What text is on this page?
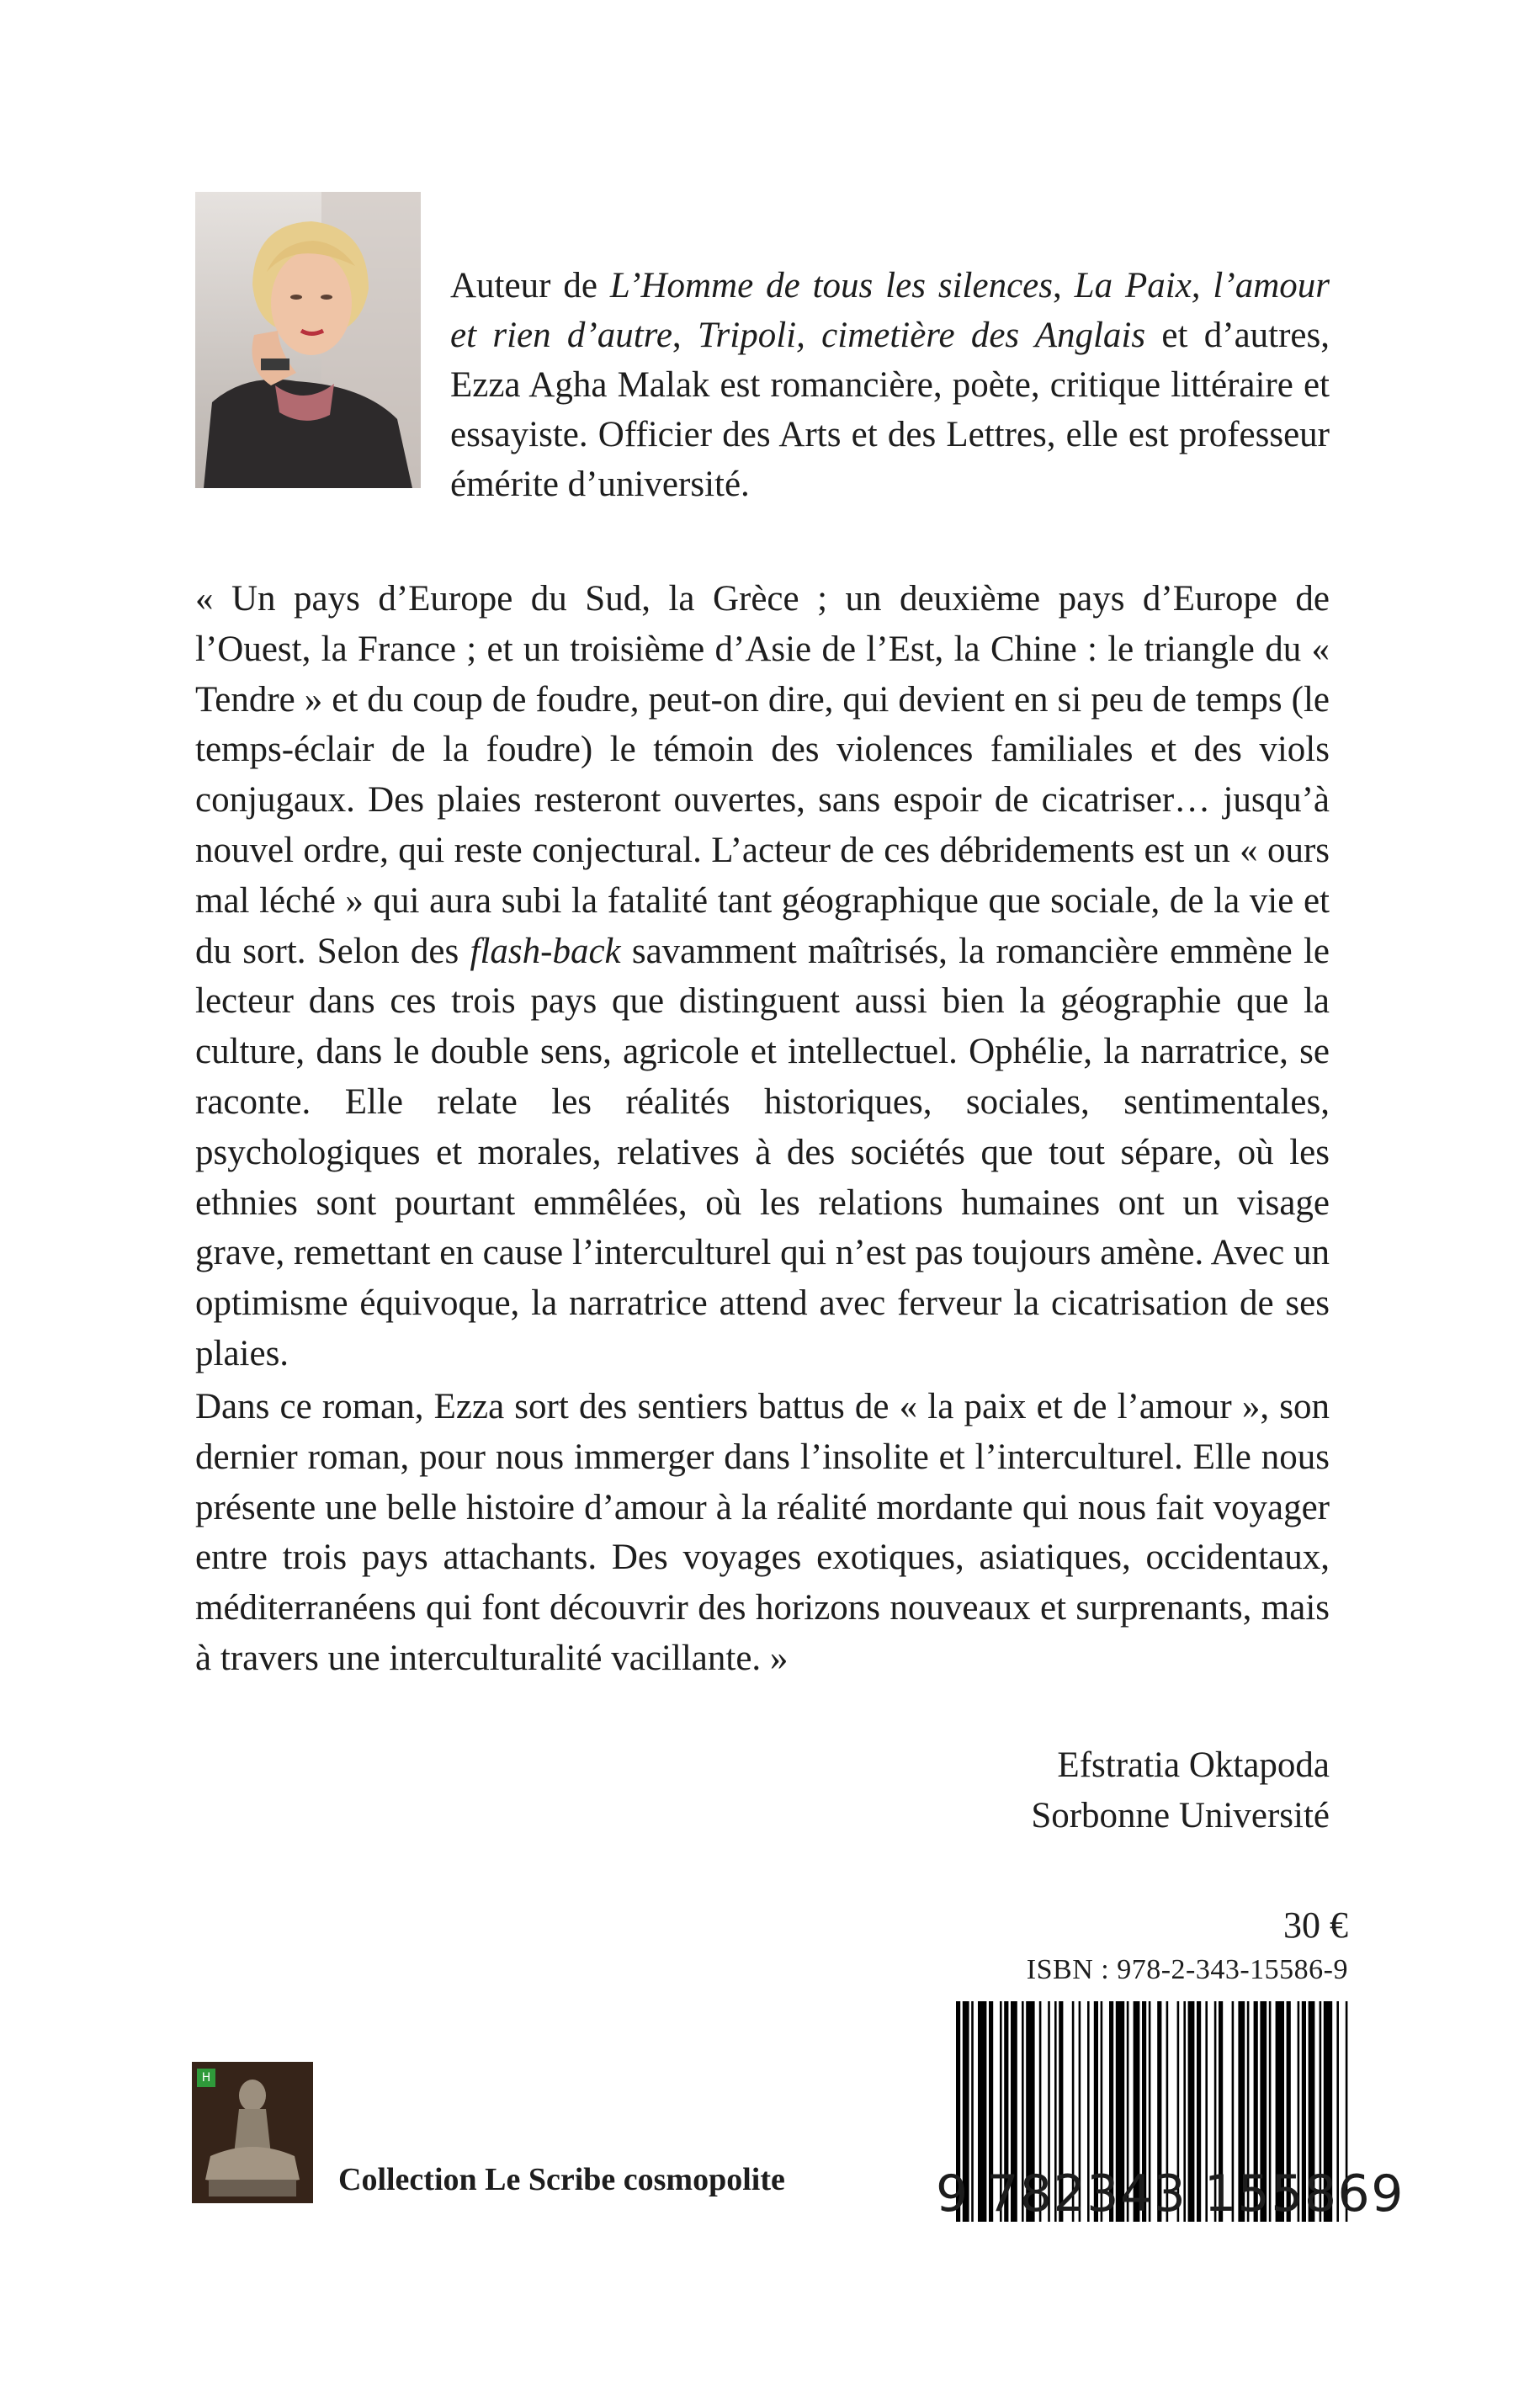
Auteur de L’Homme de tous les silences, La Paix, l’amour et rien d’autre, Tripoli, cimetière des Anglais et d’autres, Ezza Agha Malak est romancière, poète, critique littéraire et essayiste. Officier des Arts et des Lettres, elle est professeur émérite d’université.

« Un pays d’Europe du Sud, la Grèce ; un deuxième pays d’Europe de l’Ouest, la France ; et un troisième d’Asie de l’Est, la Chine : le triangle du « Tendre » et du coup de foudre, peut-on dire, qui devient en si peu de temps (le temps-éclair de la foudre) le témoin des violences familiales et des viols conjugaux. Des plaies resteront ouvertes, sans espoir de cicatriser… jusqu’à nouvel ordre, qui reste conjectural. L’acteur de ces débridements est un « ours mal léché » qui aura subi la fatalité tant géographique que sociale, de la vie et du sort. Selon des flash-back savamment maîtrisés, la romancière emmène le lecteur dans ces trois pays que distinguent aussi bien la géographie que la culture, dans le double sens, agricole et intellectuel. Ophélie, la narratrice, se raconte. Elle relate les réalités historiques, sociales, sentimentales, psychologiques et morales, relatives à des sociétés que tout sépare, où les ethnies sont pourtant emmêlées, où les relations humaines ont un visage grave, remettant en cause l’interculturel qui n’est pas toujours amène. Avec un optimisme équivoque, la narratrice attend avec ferveur la cicatrisation de ses plaies.

Dans ce roman, Ezza sort des sentiers battus de « la paix et de l’amour », son dernier roman, pour nous immerger dans l’insolite et l’interculturel. Elle nous présente une belle histoire d’amour à la réalité mordante qui nous fait voyager entre trois pays attachants. Des voyages exotiques, asiatiques, occidentaux, méditerranéens qui font découvrir des horizons nouveaux et surprenants, mais à travers une interculturalité vacillante. »

Efstratia Oktapoda
Sorbonne Université
30 €
ISBN : 978-2-343-15586-9
9 782343 155869
H
Collection Le Scribe cosmopolite
